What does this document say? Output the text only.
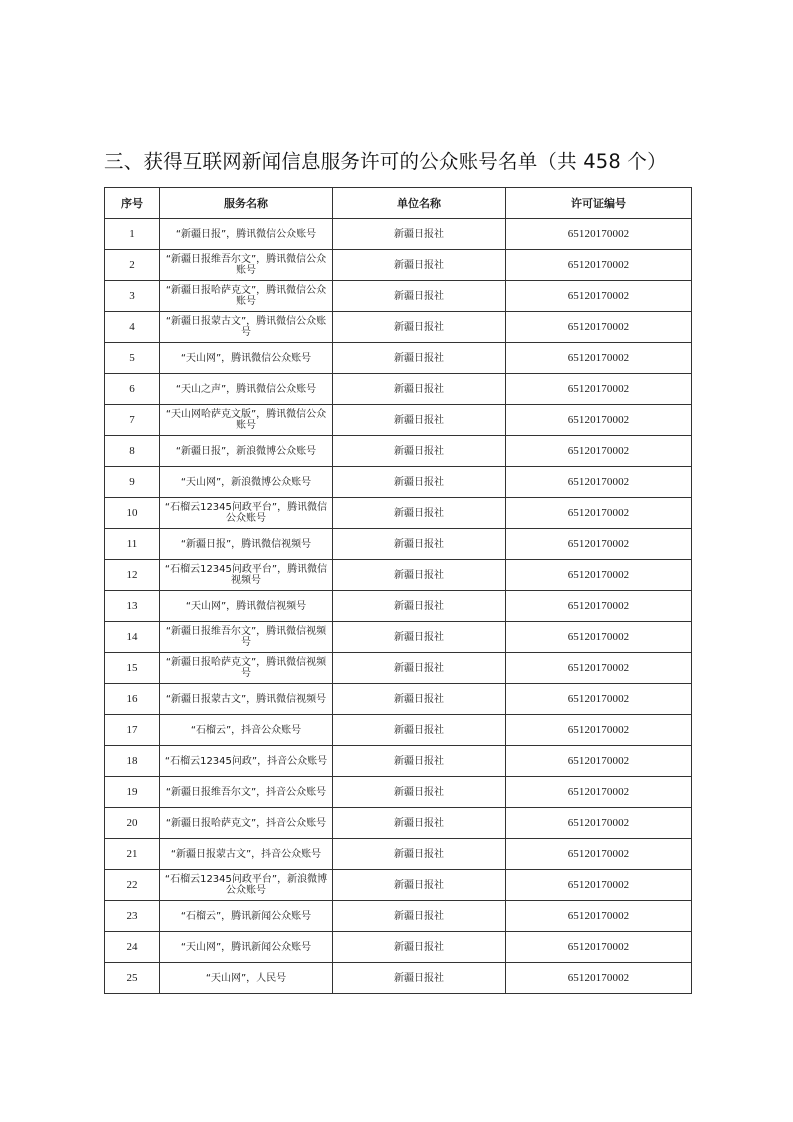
三、获得互联网新闻信息服务许可的公众账号名单（共 458 个）
序号	服务名称	单位名称	许可证编号
1	“新疆日报”，腾讯微信公众账号	新疆日报社	65120170002
2	“新疆日报维吾尔文”，腾讯微信公众账号	新疆日报社	65120170002
3	“新疆日报哈萨克文”，腾讯微信公众账号	新疆日报社	65120170002
4	“新疆日报蒙古文”，腾讯微信公众账号	新疆日报社	65120170002
5	“天山网”，腾讯微信公众账号	新疆日报社	65120170002
6	“天山之声”，腾讯微信公众账号	新疆日报社	65120170002
7	“天山网哈萨克文版”，腾讯微信公众账号	新疆日报社	65120170002
8	“新疆日报”，新浪微博公众账号	新疆日报社	65120170002
9	“天山网”，新浪微博公众账号	新疆日报社	65120170002
10	“石榴云12345问政平台”，腾讯微信公众账号	新疆日报社	65120170002
11	“新疆日报”，腾讯微信视频号	新疆日报社	65120170002
12	“石榴云12345问政平台”，腾讯微信视频号	新疆日报社	65120170002
13	“天山网”，腾讯微信视频号	新疆日报社	65120170002
14	“新疆日报维吾尔文”，腾讯微信视频号	新疆日报社	65120170002
15	“新疆日报哈萨克文”，腾讯微信视频号	新疆日报社	65120170002
16	“新疆日报蒙古文”，腾讯微信视频号	新疆日报社	65120170002
17	“石榴云”，抖音公众账号	新疆日报社	65120170002
18	“石榴云12345问政”，抖音公众账号	新疆日报社	65120170002
19	“新疆日报维吾尔文”，抖音公众账号	新疆日报社	65120170002
20	“新疆日报哈萨克文”，抖音公众账号	新疆日报社	65120170002
21	“新疆日报蒙古文”，抖音公众账号	新疆日报社	65120170002
22	“石榴云12345问政平台”，新浪微博公众账号	新疆日报社	65120170002
23	“石榴云”，腾讯新闻公众账号	新疆日报社	65120170002
24	“天山网”，腾讯新闻公众账号	新疆日报社	65120170002
25	“天山网”，人民号	新疆日报社	65120170002
